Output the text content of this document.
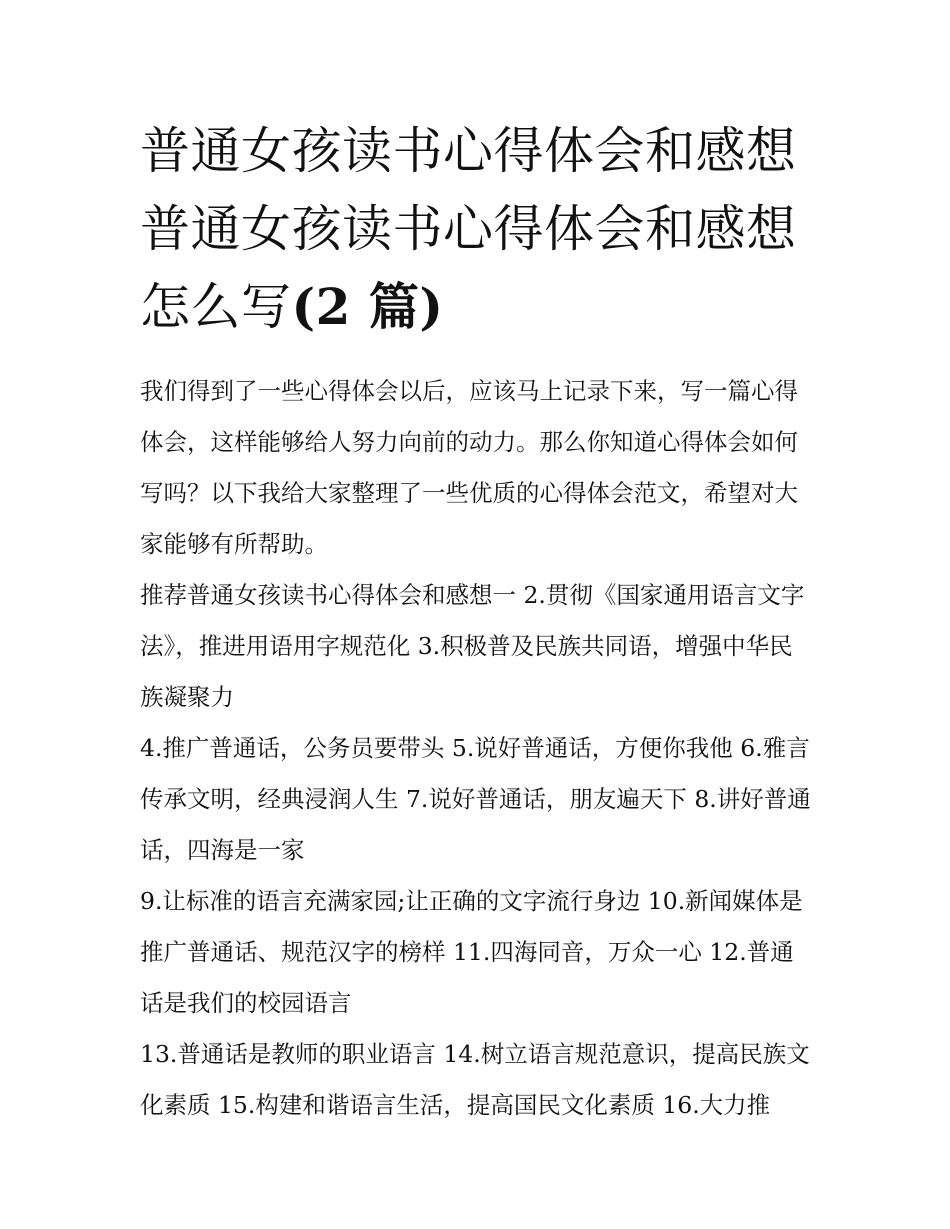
普通女孩读书心得体会和感想
普通女孩读书心得体会和感想
怎么写(2 篇)

我们得到了一些心得体会以后，应该马上记录下来，写一篇心得体会，这样能够给人努力向前的动力。那么你知道心得体会如何写吗？以下我给大家整理了一些优质的心得体会范文，希望对大家能够有所帮助。

推荐普通女孩读书心得体会和感想一 2.贯彻《国家通用语言文字法》，推进用语用字规范化 3.积极普及民族共同语，增强中华民族凝聚力

4.推广普通话，公务员要带头 5.说好普通话，方便你我他 6.雅言传承文明，经典浸润人生 7.说好普通话，朋友遍天下 8.讲好普通话，四海是一家

9.让标准的语言充满家园;让正确的文字流行身边 10.新闻媒体是推广普通话、规范汉字的榜样 11.四海同音，万众一心 12.普通话是我们的校园语言

13.普通话是教师的职业语言 14.树立语言规范意识，提高民族文化素质 15.构建和谐语言生活，提高国民文化素质 16.大力推
